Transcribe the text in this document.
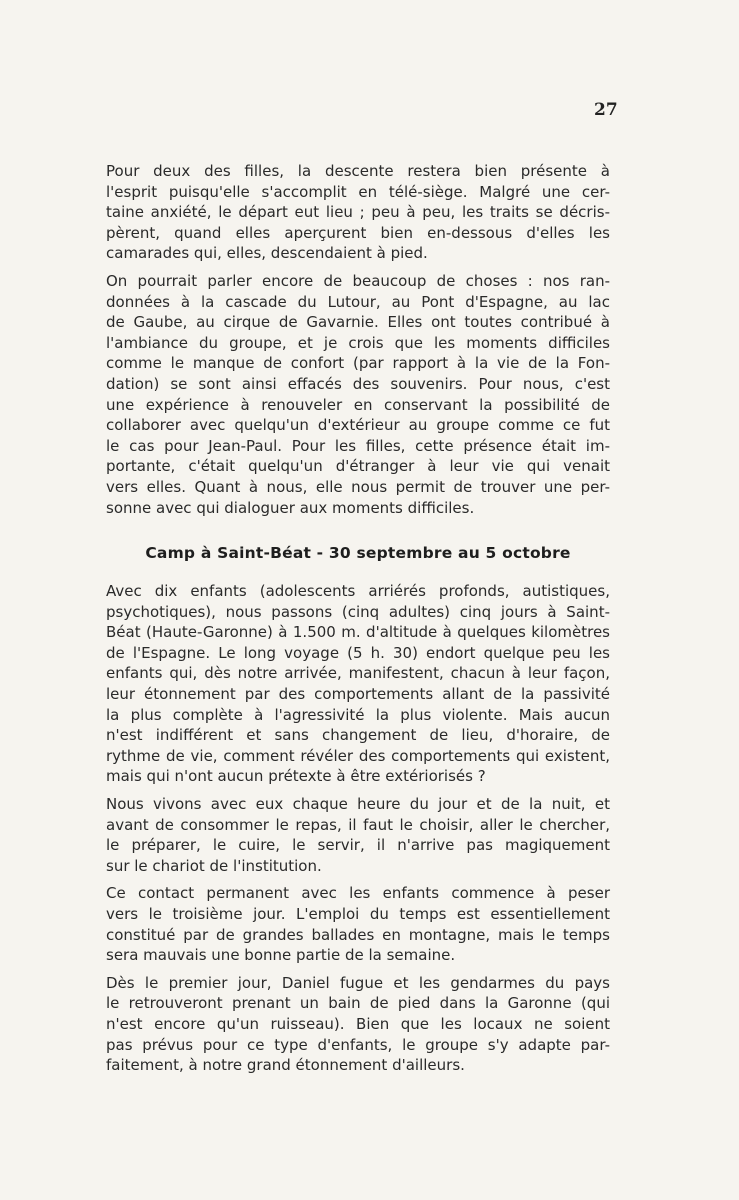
27

Pour deux des filles, la descente restera bien présente à
l'esprit puisqu'elle s'accomplit en télé-siège. Malgré une cer-
taine anxiété, le départ eut lieu ; peu à peu, les traits se décris-
pèrent, quand elles aperçurent bien en-dessous d'elles les
camarades qui, elles, descendaient à pied.

On pourrait parler encore de beaucoup de choses : nos ran-
données à la cascade du Lutour, au Pont d'Espagne, au lac
de Gaube, au cirque de Gavarnie. Elles ont toutes contribué à
l'ambiance du groupe, et je crois que les moments difficiles
comme le manque de confort (par rapport à la vie de la Fon-
dation) se sont ainsi effacés des souvenirs. Pour nous, c'est
une expérience à renouveler en conservant la possibilité de
collaborer avec quelqu'un d'extérieur au groupe comme ce fut
le cas pour Jean-Paul. Pour les filles, cette présence était im-
portante, c'était quelqu'un d'étranger à leur vie qui venait
vers elles. Quant à nous, elle nous permit de trouver une per-
sonne avec qui dialoguer aux moments difficiles.

Camp à Saint-Béat - 30 septembre au 5 octobre

Avec dix enfants (adolescents arriérés profonds, autistiques,
psychotiques), nous passons (cinq adultes) cinq jours à Saint-
Béat (Haute-Garonne) à 1.500 m. d'altitude à quelques kilomètres
de l'Espagne. Le long voyage (5 h. 30) endort quelque peu les
enfants qui, dès notre arrivée, manifestent, chacun à leur façon,
leur étonnement par des comportements allant de la passivité
la plus complète à l'agressivité la plus violente. Mais aucun
n'est indifférent et sans changement de lieu, d'horaire, de
rythme de vie, comment révéler des comportements qui existent,
mais qui n'ont aucun prétexte à être extériorisés ?

Nous vivons avec eux chaque heure du jour et de la nuit, et
avant de consommer le repas, il faut le choisir, aller le chercher,
le préparer, le cuire, le servir, il n'arrive pas magiquement
sur le chariot de l'institution.

Ce contact permanent avec les enfants commence à peser
vers le troisième jour. L'emploi du temps est essentiellement
constitué par de grandes ballades en montagne, mais le temps
sera mauvais une bonne partie de la semaine.

Dès le premier jour, Daniel fugue et les gendarmes du pays
le retrouveront prenant un bain de pied dans la Garonne (qui
n'est encore qu'un ruisseau). Bien que les locaux ne soient
pas prévus pour ce type d'enfants, le groupe s'y adapte par-
faitement, à notre grand étonnement d'ailleurs.
